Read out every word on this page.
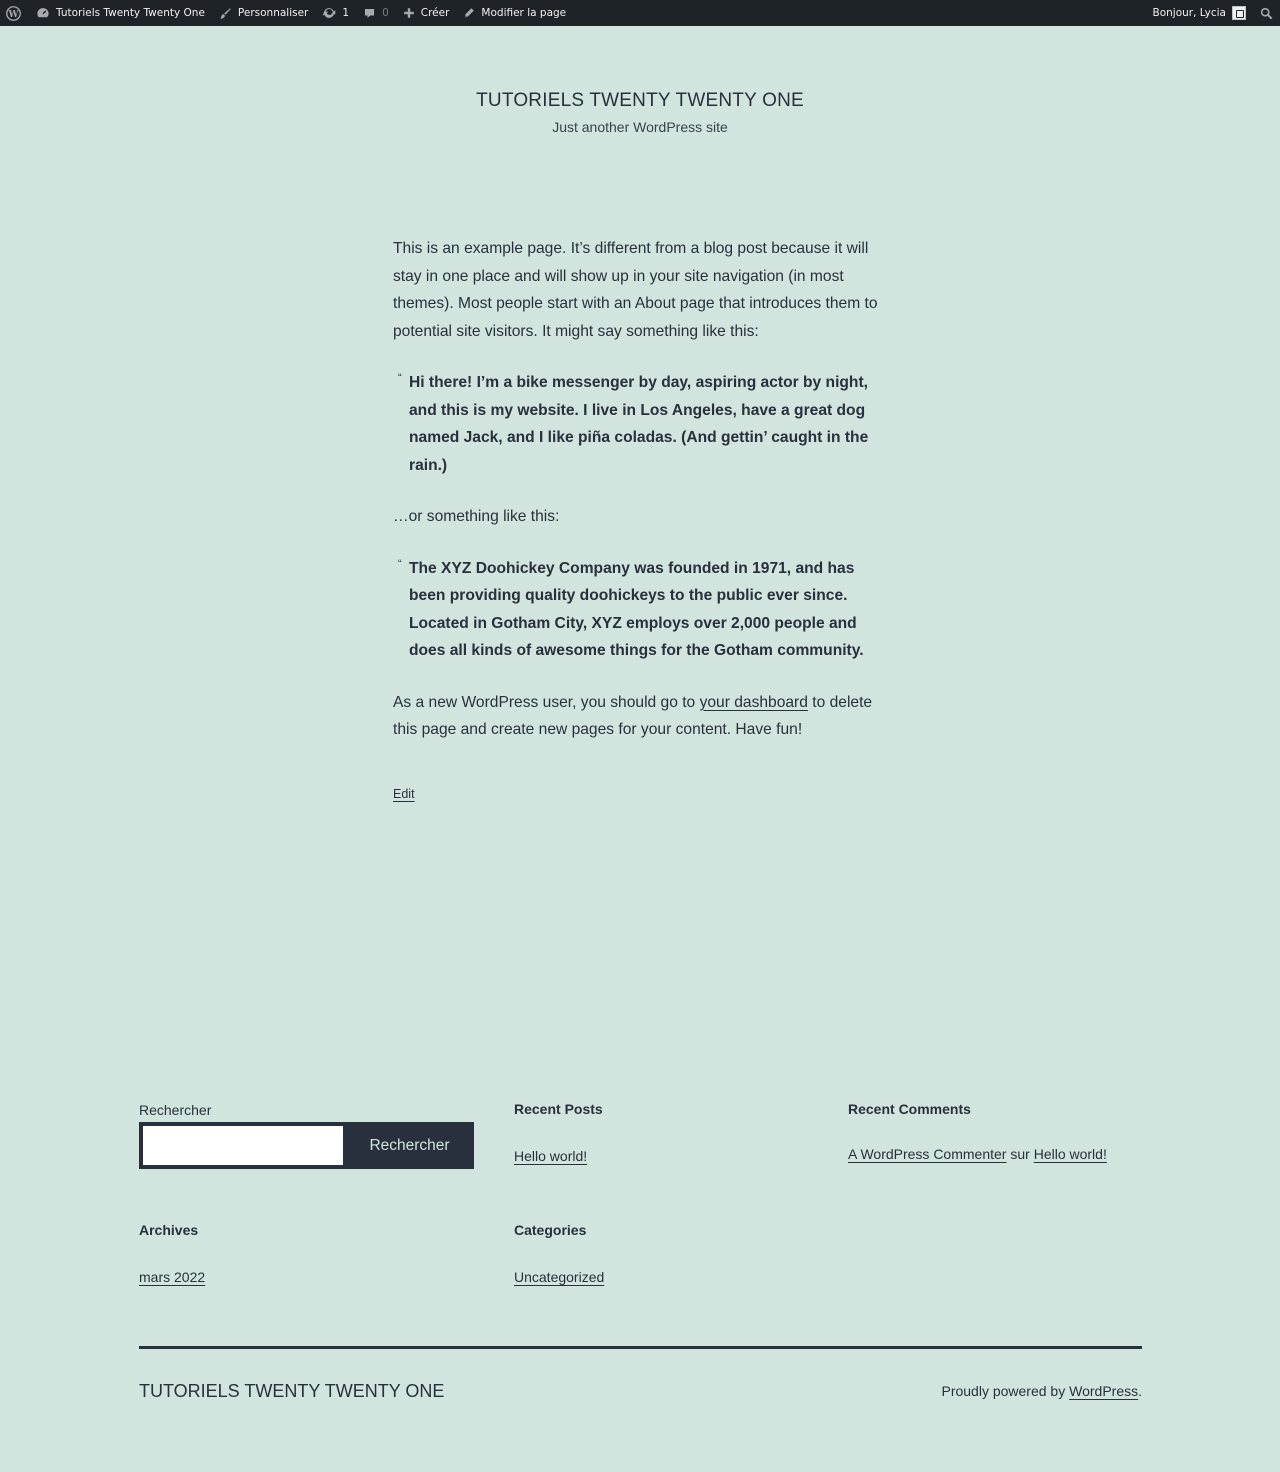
W	Tutoriels Twenty Twenty One	Personnaliser	1	0	Créer	Modifier la page	Bonjour, Lycia
TUTORIELS TWENTY TWENTY ONE
Just another WordPress site

This is an example page. It’s different from a blog post because it will stay in one place and will show up in your site navigation (in most themes). Most people start with an About page that introduces them to potential site visitors. It might say something like this:

“ Hi there! I’m a bike messenger by day, aspiring actor by night, and this is my website. I live in Los Angeles, have a great dog named Jack, and I like piña coladas. (And gettin’ caught in the rain.)

…or something like this:

“ The XYZ Doohickey Company was founded in 1971, and has been providing quality doohickeys to the public ever since. Located in Gotham City, XYZ employs over 2,000 people and does all kinds of awesome things for the Gotham community.

As a new WordPress user, you should go to your dashboard to delete this page and create new pages for your content. Have fun!

Edit
Rechercher
Rechercher
Recent Posts
Hello world!
Recent Comments
A WordPress Commenter sur Hello world!
Archives
mars 2022
Categories
Uncategorized
TUTORIELS TWENTY TWENTY ONE	Proudly powered by WordPress.
